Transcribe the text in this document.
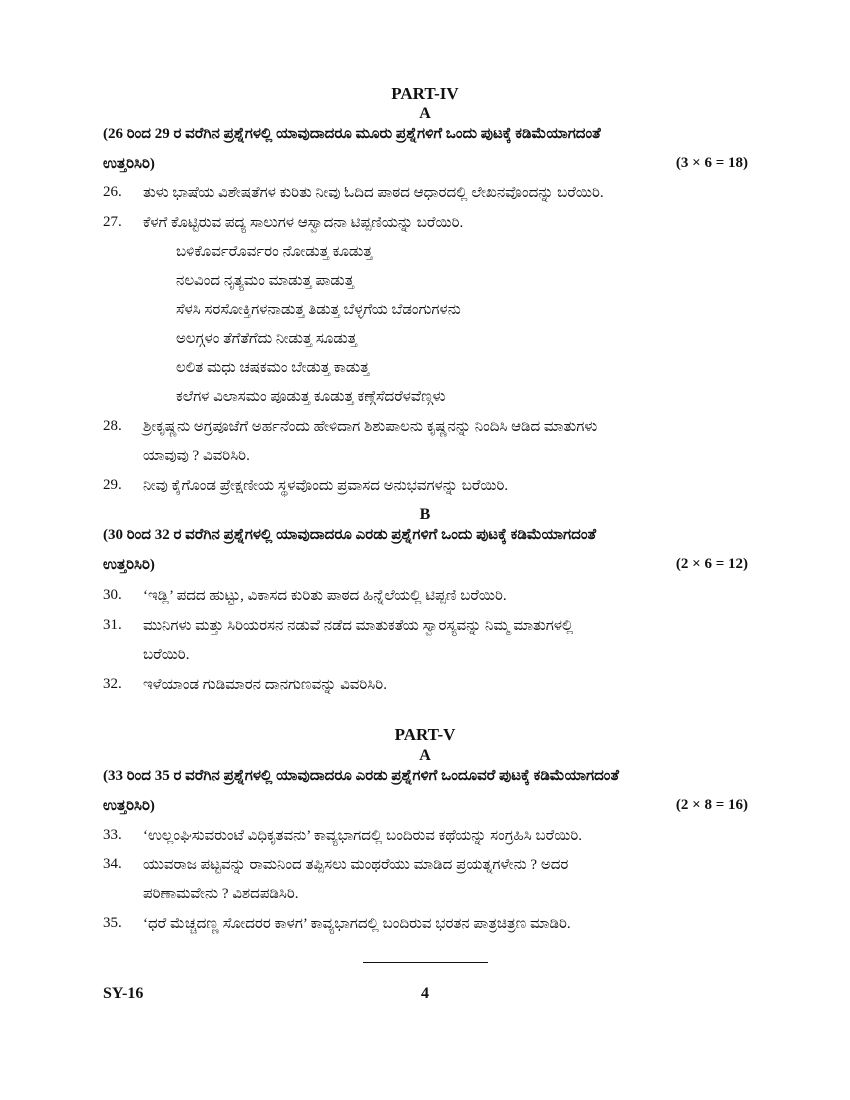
PART-IV
A
(26 ರಿಂದ 29 ರ ವರೆಗಿನ ಪ್ರಶ್ನೆಗಳಲ್ಲಿ ಯಾವುದಾದರೂ ಮೂರು ಪ್ರಶ್ನೆಗಳಿಗೆ ಒಂದು ಪುಟಕ್ಕೆ ಕಡಿಮೆಯಾಗದಂತೆ
ಉತ್ತರಿಸಿರಿ)	(3 × 6 = 18)
26.	ತುಳು ಭಾಷೆಯ ವಿಶೇಷತೆಗಳ ಕುರಿತು ನೀವು ಓದಿದ ಪಾಠದ ಆಧಾರದಲ್ಲಿ ಲೇಖನವೊಂದನ್ನು ಬರೆಯಿರಿ.
27.	ಕೆಳಗೆ ಕೊಟ್ಟಿರುವ ಪದ್ಯ ಸಾಲುಗಳ ಆಸ್ವಾದನಾ ಟಿಪ್ಪಣಿಯನ್ನು ಬರೆಯಿರಿ.
ಬಳಿಕೊರ್ವರೊರ್ವರಂ ನೋಡುತ್ತ ಕೂಡುತ್ತ
ನಲವಿಂದ ನೃತ್ಯಮಂ ಮಾಡುತ್ತ ಪಾಡುತ್ತ
ಸೆಳಸಿ ಸರಸೋಕ್ತಿಗಳನಾಡುತ್ತ ತಿಡುತ್ತ ಬೆಳ್ಳಗೆಯ ಬೆಡಂಗುಗಳನು
ಅಲಗ್ಗಳಂ ತೆಗೆತೆಗೆದು ನೀಡುತ್ತ ಸೂಡುತ್ತ
ಲಲಿತ ಮಧು ಚಷಕಮಂ ಬೇಡುತ್ತ ಕಾಡುತ್ತ
ಕಲೆಗಳ ವಿಲಾಸಮಂ ಪೂಡುತ್ತ ಕೂಡುತ್ತ ಕಣ್ಗೆಸೆದರೆಳವೆಣ್ಗಳು
28.	ಶ್ರೀಕೃಷ್ಣನು ಅಗ್ರಪೂಜೆಗೆ ಅರ್ಹನೆಂದು ಹೇಳಿದಾಗ ಶಿಶುಪಾಲನು ಕೃಷ್ಣನನ್ನು ನಿಂದಿಸಿ ಆಡಿದ ಮಾತುಗಳು
ಯಾವುವು ? ವಿವರಿಸಿರಿ.
29.	ನೀವು ಕೈಗೊಂಡ ಪ್ರೇಕ್ಷಣೀಯ ಸ್ಥಳವೊಂದು ಪ್ರವಾಸದ ಅನುಭವಗಳನ್ನು ಬರೆಯಿರಿ.
B
(30 ರಿಂದ 32 ರ ವರೆಗಿನ ಪ್ರಶ್ನೆಗಳಲ್ಲಿ ಯಾವುದಾದರೂ ಎರಡು ಪ್ರಶ್ನೆಗಳಿಗೆ ಒಂದು ಪುಟಕ್ಕೆ ಕಡಿಮೆಯಾಗದಂತೆ
ಉತ್ತರಿಸಿರಿ)	(2 × 6 = 12)
30.	‘ಇಡ್ಲಿ’ ಪದದ ಹುಟ್ಟು, ವಿಕಾಸದ ಕುರಿತು ಪಾಠದ ಹಿನ್ನೆಲೆಯಲ್ಲಿ ಟಿಪ್ಪಣಿ ಬರೆಯಿರಿ.
31.	ಮುನಿಗಳು ಮತ್ತು ಸಿರಿಯರಸನ ನಡುವೆ ನಡೆದ ಮಾತುಕತೆಯ ಸ್ವಾರಸ್ಯವನ್ನು ನಿಮ್ಮ ಮಾತುಗಳಲ್ಲಿ
ಬರೆಯಿರಿ.
32.	ಇಳೆಯಾಂಡ ಗುಡಿಮಾರನ ದಾನಗುಣವನ್ನು ವಿವರಿಸಿರಿ.
PART-V
A
(33 ರಿಂದ 35 ರ ವರೆಗಿನ ಪ್ರಶ್ನೆಗಳಲ್ಲಿ ಯಾವುದಾದರೂ ಎರಡು ಪ್ರಶ್ನೆಗಳಿಗೆ ಒಂದೂವರೆ ಪುಟಕ್ಕೆ ಕಡಿಮೆಯಾಗದಂತೆ
ಉತ್ತರಿಸಿರಿ)	(2 × 8 = 16)
33.	‘ಉಲ್ಲಂಘಿಸುವರುಂಟೆ ವಿಧಿಕೃತವನು’ ಕಾವ್ಯಭಾಗದಲ್ಲಿ ಬಂದಿರುವ ಕಥೆಯನ್ನು ಸಂಗ್ರಹಿಸಿ ಬರೆಯಿರಿ.
34.	ಯುವರಾಜ ಪಟ್ಟವನ್ನು ರಾಮನಿಂದ ತಪ್ಪಿಸಲು ಮಂಥರೆಯು ಮಾಡಿದ ಪ್ರಯತ್ನಗಳೇನು ? ಅದರ
ಪರಿಣಾಮವೇನು ? ವಿಶದಪಡಿಸಿರಿ.
35.	‘ಧರೆ ಮೆಚ್ಚದಣ್ಣ ಸೋದರರ ಕಾಳಗ’ ಕಾವ್ಯಭಾಗದಲ್ಲಿ ಬಂದಿರುವ ಭರತನ ಪಾತ್ರಚಿತ್ರಣ ಮಾಡಿರಿ.
SY-16	4
